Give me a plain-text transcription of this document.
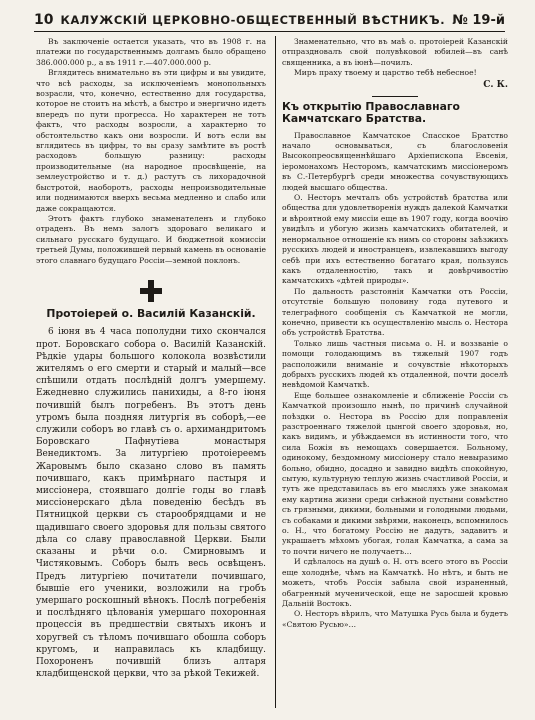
10 КАЛУЖСКІЙ ЦЕРКОВНО-ОБЩЕСТВЕННЫЙ ВѢСТНИКЪ. № 19-й

Въ заключеніе остается указать, что въ 1908 г. на платежи по государственнымъ долгамъ было обращено 386.000.000 р., а въ 1911 г.—407.000.000 р.

Вглядитесь внимательно въ эти цифры и вы увидите, что всѣ расходы, за исключеніемъ монопольныхъ возрасли, что, конечно, естественно для государства, которое не стоитъ на мѣстѣ, а быстро и энергично идетъ впередъ по пути прогресса. Но характерен не тотъ фактъ, что расходы возросли, а характерно то обстоятельство какъ они возросли. И вотъ если вы вглядитесь въ цифры, то вы сразу замѣтите въ ростѣ расходовъ большую разницу: расходы производительные (на народное просвѣщеніе, на землеустройство и т. д.) растутъ съ лихорадочной быстротой, наоборотъ, расходы непроизводительные или поднимаются вверхъ весьма медленно и слабо или даже сокращаются.

Этотъ фактъ глубоко знаменателенъ и глубоко отраденъ. Въ немъ залогъ здороваго великаго и сильнаго русскаго будущаго. И бюджетной комиссіи третьей Думы, положившей первый камень въ основаніе этого славнаго будущаго Россіи—земной поклонъ.

Протоіерей о. Василій Казанскій.

6 іюня въ 4 часа пополудни тихо скончался прот. Боровскаго собора о. Василій Казанскій. Рѣдкіе удары большого колокола возвѣстили жителямъ о его смерти и старый и малый—все спѣшили отдать послѣдній долгъ умершему. Ежедневно служились панихиды, а 8-го іюня почившій былъ погребенъ. Въ этотъ день утромъ была поздняя литургія въ соборѣ,—ее служили соборъ во главѣ съ о. архимандритомъ Боровскаго Пафнутіева монастыря Венедиктомъ. За литургіею протоіереемъ Жаровымъ было сказано слово въ память почившаго, какъ примѣрнаго пастыря и миссіонера, стоявшаго долгіе годы во главѣ миссіонерскаго дѣла поведенію бесѣдъ въ Пятницкой церкви съ старообрядцами и не щадившаго своего здоровья для пользы святого дѣла со славу православной Церкви. Были сказаны и рѣчи о.о. Смирновымъ и Чистяковымъ. Соборъ былъ весь освѣщенъ. Предъ литургіею почитатели почившаго, бывшіе его ученики, возложили на гробъ умершаго роскошный вѣнокъ. Послѣ погребенія и послѣдняго цѣлованія умершаго похоронная процессія въ предшествіи святыхъ иконъ и хоругвей съ тѣломъ почившаго обошла соборъ кругомъ, и направилась къ кладбищу. Похороненъ почившій близъ алтаря кладбищенской церкви, что за рѣкой Текижей.

Знаменательно, что въ маѣ о. протоіерей Казанскій отпраздновалъ свой полувѣковой юбилей—въ санѣ священника, а въ іюнѣ—почилъ.

Миръ праху твоему и царство тебѣ небесное!

С. К.
Къ открытію Православнаго Камчатскаго Братства.

Православное Камчатское Спасское Братство начало основываться, съ благословенія Высокопреосвященнѣйшаго Архіепископа Евсевія, іеромонахомъ Несторомъ, камчатскимъ миссіонеромъ въ С.-Петербургѣ среди множества сочувствующихъ людей высшаго общества.

О. Несторъ мечталъ объ устройствѣ братства или общества для удовлетворенія нуждъ далекой Камчатки и вѣроятной ему миссіи еще въ 1907 году, когда воочію увидѣлъ и убогую жизнь камчатскихъ обитателей, и ненормальное отношеніе къ нимъ со стороны заѣзжихъ русскихъ людей и иностранцевъ, извлекавшихъ выгоду себѣ при ихъ естественно богатаго края, пользуясь какъ отдаленностію, такъ и довѣрчивостію камчатскихъ «дѣтей природы».

По дальность разстоянія Камчатки отъ Россіи, отсутствіе большую половину года путевого и телеграфного сообщенія съ Камчаткой не могли, конечно, привести къ осуществленію мысль о. Нестора объ устройствѣ Братства.

Только лишь частныя письма о. Н. и воззваніе о помощи голодающимъ въ тяжелый 1907 годъ расположили вниманіе и сочувствіе нѣкоторыхъ добрыхъ русскихъ людей къ отдаленной, почти доселѣ невѣдомой Камчаткѣ.

Еще большее ознакомленіе и сближеніе Россіи съ Камчаткой произошло нынѣ, по причинѣ случайной поѣздки о. Нестора въ Россію для поправленія разстроеннаго тяжелой цынгой своего здоровья, но, какъ видимъ, и убѣждаемся въ истинности того, что сила Божія въ немощахъ совершается. Больному, одинокому, бездомному миссіонеру стало невыразимо больно, обидно, досадно и завидно видѣть спокойную, сытую, культурную теплую жизнь счастливой Россіи, и тутъ же представилась въ его мысляхъ уже знакомая ему картина жизни среди снѣжной пустыни совмѣстно съ грязными, дикими, больными и голодными людьми, съ собаками и дикими звѣрями, наконецъ, вспомнилось о. Н., что богатому Россію не дадутъ, задавитъ и украшаетъ мѣхомъ убогая, голая Камчатка, а сама за то почти ничего не получаетъ…

И сдѣлалось на душѣ о. Н. отъ всего этого въ Россіи еще холоднѣе, чѣмъ на Камчаткѣ. Но нѣтъ, и быть не можетъ, чтобъ Россія забыла свой израненный, обагренный мученической, еще не заросшей кровью Дальній Востокъ.

О. Несторъ вѣрилъ, что Матушка Русь была и будетъ «Святою Русью»…
